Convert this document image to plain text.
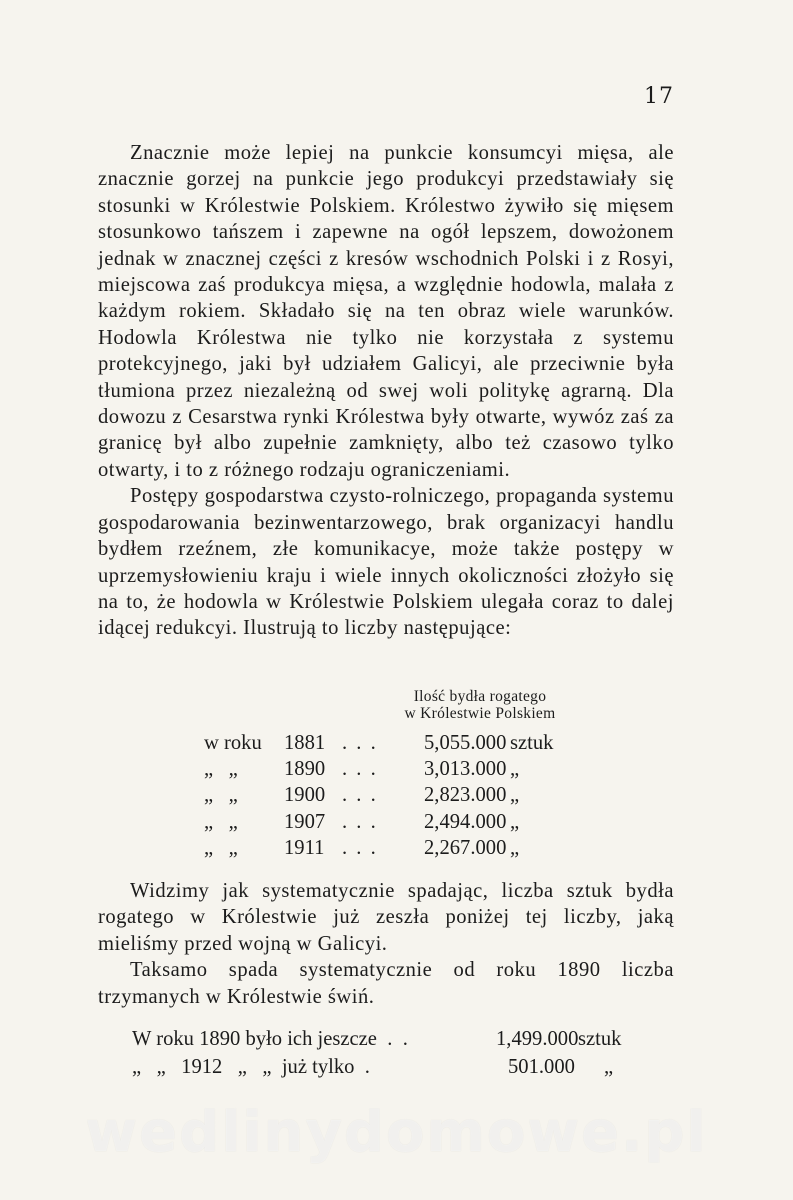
17

Znacznie może lepiej na punkcie konsumcyi mięsa, ale znacznie gorzej na punkcie jego produkcyi przedstawiały się stosunki w Królestwie Polskiem. Królestwo żywiło się mięsem stosunkowo tańszem i zapewne na ogół lepszem, dowożonem jednak w znacznej części z kresów wschodnich Polski i z Rosyi, miejscowa zaś produkcya mięsa, a względnie hodowla, malała z każdym rokiem. Składało się na ten obraz wiele warunków. Hodowla Królestwa nie tylko nie korzystała z systemu protekcyjnego, jaki był udziałem Galicyi, ale przeciwnie była tłumiona przez niezależną od swej woli politykę agrarną. Dla dowozu z Cesarstwa rynki Królestwa były otwarte, wywóz zaś za granicę był albo zupełnie zamknięty, albo też czasowo tylko otwarty, i to z różnego rodzaju ograniczeniami.

Postępy gospodarstwa czysto-rolniczego, propaganda systemu gospodarowania bezinwentarzowego, brak organizacyi handlu bydłem rzeźnem, złe komunikacye, może także postępy w uprzemysłowieniu kraju i wiele innych okoliczności złożyło się na to, że hodowla w Królestwie Polskiem ulegała coraz to dalej idącej redukcyi. Ilustrują to liczby następujące:

Ilość bydła rogatego
w Królestwie Polskiem
w roku 1881 . . . 5,055.000 sztuk
„   „ 1890 . . . 3,013.000 „
„   „ 1900 . . . 2,823.000 „
„   „ 1907 . . . 2,494.000 „
„   „ 1911 . . . 2,267.000 „

Widzimy jak systematycznie spadając, liczba sztuk bydła rogatego w Królestwie już zeszła poniżej tej liczby, jaką mieliśmy przed wojną w Galicyi.

Taksamo spada systematycznie od roku 1890 liczba trzymanych w Królestwie świń.

W roku 1890 było ich jeszcze  .  .	1,499.000 sztuk
„   „   1912   „   „  już tylko  .	501.000 „
wedlinydomowe.pl
